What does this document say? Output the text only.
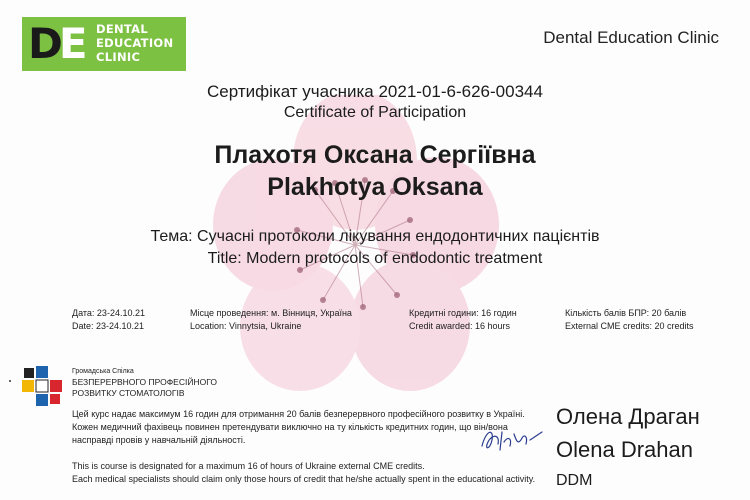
DE DENTAL
EDUCATION
CLINIC
Dental Education Clinic
Сертифікат учасника 2021-01-6-626-00344
Certificate of Participation
Плахотя Оксана Сергіївна
Plakhotya Oksana
Тема: Сучасні протоколи лікування ендодонтичних пацієнтів
Title: Modern protocols of endodontic treatment
Дата: 23-24.10.21
Date: 23-24.10.21
Місце проведення: м. Вінниця, Україна
Location: Vinnytsia, Ukraine
Кредитні години: 16 годин
Credit awarded: 16 hours
Кількість балів БПР: 20 балів
External CME credits: 20 credits
Громадська Спілка
БЕЗПЕРЕРВНОГО ПРОФЕСІЙНОГО
РОЗВИТКУ СТОМАТОЛОГІВ
Цей курс надає максимум 16 годин для отримання 20 балів безперервного професійного розвитку в Україні.
Кожен медичний фахівець повинен претендувати виключно на ту кількість кредитних годин, що він/вона
насправді провів у навчальній діяльності.
This is course is designated for a maximum 16 of hours of Ukraine external CME credits.
Each medical specialists should claim only those hours of credit that he/she actually spent in the educational activity.
Олена Драган
Olena Drahan
DDM
